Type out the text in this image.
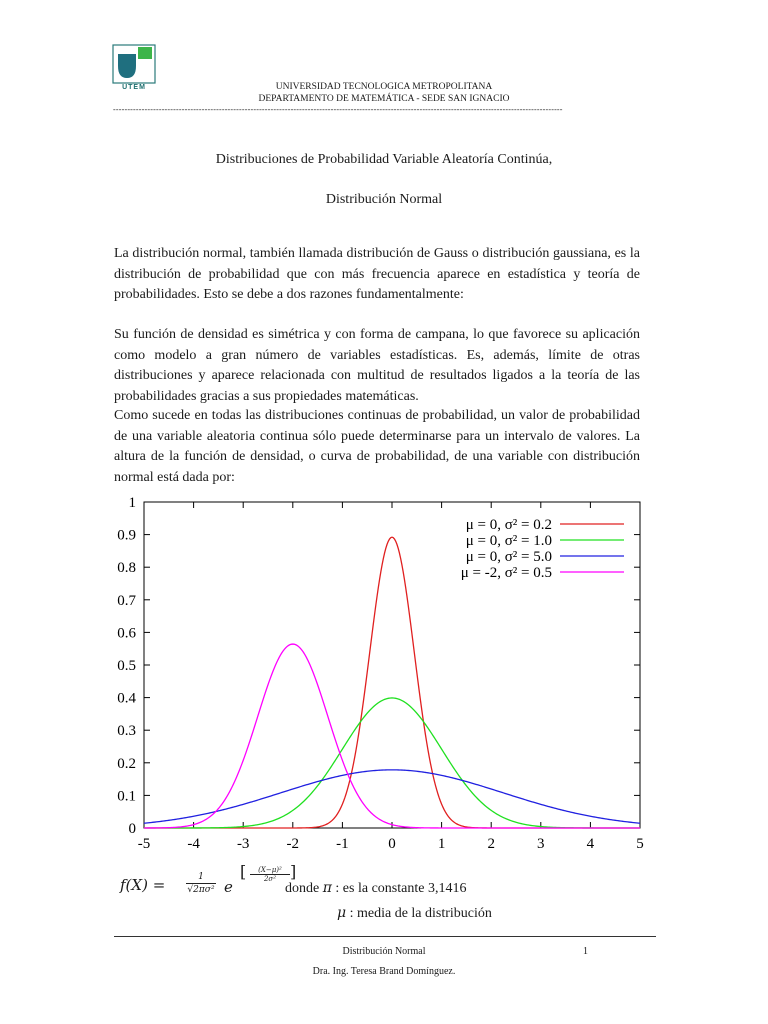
UTEM	UNIVERSIDAD TECNOLOGICA METROPOLITANA
DEPARTAMENTO DE MATEMÁTICA - SEDE SAN IGNACIO
-------------------------------------------------------------------------------------------------------------------------------------------------------------
Distribuciones de Probabilidad Variable Aleatoría Continúa,
Distribución Normal

La distribución normal, también llamada distribución de Gauss o distribución gaussiana, es la distribución de probabilidad que con más frecuencia aparece en estadística y teoría de probabilidades. Esto se debe a dos razones fundamentalmente:

Su función de densidad es simétrica y con forma de campana, lo que favorece su aplicación como modelo a gran número de variables estadísticas. Es, además, límite de otras distribuciones y aparece relacionada con multitud de resultados ligados a la teoría de las probabilidades gracias a sus propiedades matemáticas.

Como sucede en todas las distribuciones continuas de probabilidad, un valor de probabilidad de una variable aleatoria continua sólo puede determinarse para un intervalo de valores. La altura de la función de densidad, o curva de probabilidad, de una variable con distribución normal está dada por:

-5 -4 -3 -2 -1	0	1	2	3	4	5
0
0.1
0.2
0.3
0.4
0.5
0.6
0.7
0.8
0.9
1
μ = 0, σ² = 0.2
μ = 0, σ² = 1.0
μ = 0, σ² = 5.0
μ = -2, σ² = 0.5
$f(X) = \frac{1}{\text{√2πσ²}}$ e
[ $\frac{\text{(X−μ)²}}{\text{2σ²}}$ ]
donde π : es la constante 3,1416
μ : media de la distribución
Distribución Normal	1
Dra. Ing. Teresa Brand Domínguez.
